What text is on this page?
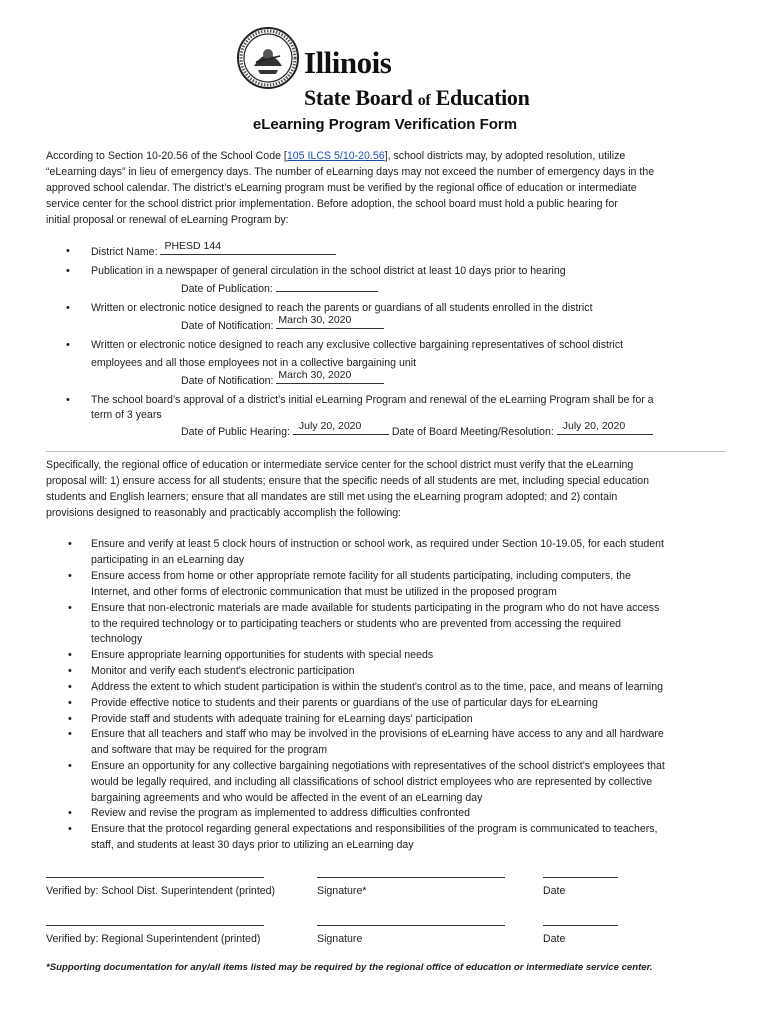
Illinois
State Board of Education
eLearning Program Verification Form
According to Section 10-20.56 of the School Code [105 ILCS 5/10-20.56], school districts may, by adopted resolution, utilize
“eLearning days” in lieu of emergency days. The number of eLearning days may not exceed the number of emergency days in the
approved school calendar. The district’s eLearning program must be verified by the regional office of education or intermediate
service center for the school district prior implementation. Before adoption, the school board must hold a public hearing for
initial proposal or renewal of eLearning Program by:
• District Name: PHESD 144
• Publication in a newspaper of general circulation in the school district at least 10 days prior to hearing
Date of Publication:
• Written or electronic notice designed to reach the parents or guardians of all students enrolled in the district
Date of Notification: March 30, 2020
• Written or electronic notice designed to reach any exclusive collective bargaining representatives of school district
employees and all those employees not in a collective bargaining unit
Date of Notification: March 30, 2020
• The school board’s approval of a district’s initial eLearning Program and renewal of the eLearning Program shall be for a
term of 3 years
Date of Public Hearing: July 20, 2020	Date of Board Meeting/Resolution: July 20, 2020
Specifically, the regional office of education or intermediate service center for the school district must verify that the eLearning
proposal will: 1) ensure access for all students; ensure that the specific needs of all students are met, including special education
students and English learners; ensure that all mandates are still met using the eLearning program adopted; and 2) contain
provisions designed to reasonably and practicably accomplish the following:
• Ensure and verify at least 5 clock hours of instruction or school work, as required under Section 10-19.05, for each student
participating in an eLearning day
• Ensure access from home or other appropriate remote facility for all students participating, including computers, the
Internet, and other forms of electronic communication that must be utilized in the proposed program
• Ensure that non-electronic materials are made available for students participating in the program who do not have access
to the required technology or to participating teachers or students who are prevented from accessing the required
technology
• Ensure appropriate learning opportunities for students with special needs
• Monitor and verify each student's electronic participation
• Address the extent to which student participation is within the student's control as to the time, pace, and means of learning
• Provide effective notice to students and their parents or guardians of the use of particular days for eLearning
• Provide staff and students with adequate training for eLearning days' participation
• Ensure that all teachers and staff who may be involved in the provisions of eLearning have access to any and all hardware
and software that may be required for the program
• Ensure an opportunity for any collective bargaining negotiations with representatives of the school district's employees that
would be legally required, and including all classifications of school district employees who are represented by collective
bargaining agreements and who would be affected in the event of an eLearning day
• Review and revise the program as implemented to address difficulties confronted
• Ensure that the protocol regarding general expectations and responsibilities of the program is communicated to teachers,
staff, and students at least 30 days prior to utilizing an eLearning day
Verified by: School Dist. Superintendent (printed)	Signature*	Date
Verified by: Regional Superintendent (printed)	Signature	Date
*Supporting documentation for any/all items listed may be required by the regional office of education or intermediate service center.
